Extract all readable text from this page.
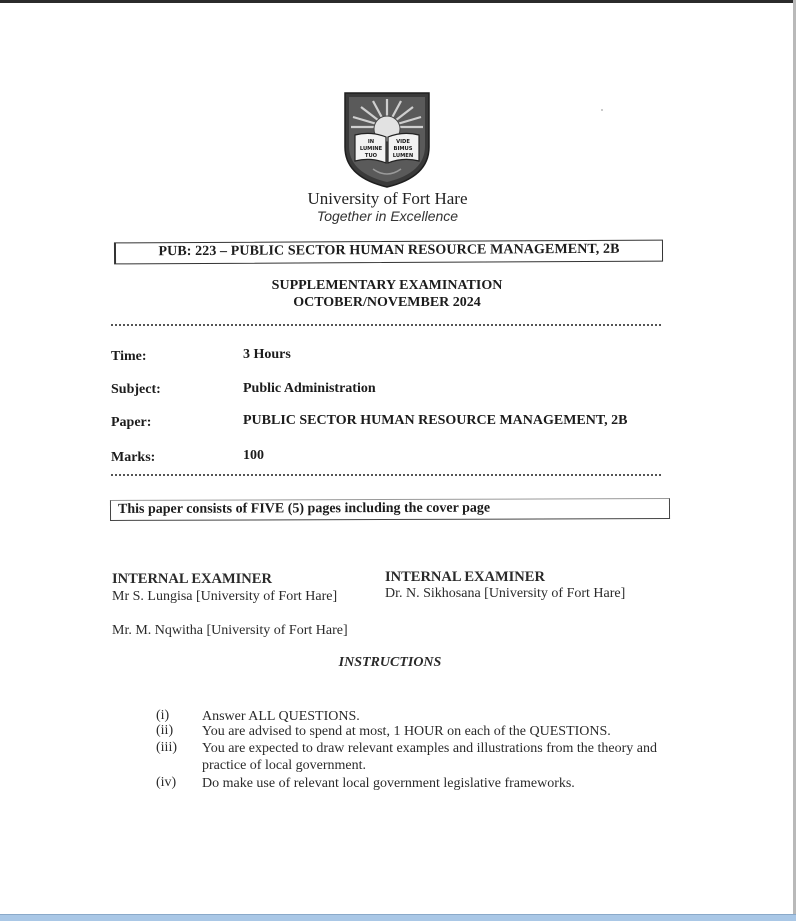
IN
LUMINE
TUO
VIDE
BIMUS
LUMEN
University of Fort Hare
Together in Excellence
PUB: 223 – PUBLIC SECTOR HUMAN RESOURCE MANAGEMENT, 2B
SUPPLEMENTARY EXAMINATION
OCTOBER/NOVEMBER 2024
Time:	3 Hours
Subject:	Public Administration
Paper:	PUBLIC SECTOR HUMAN RESOURCE MANAGEMENT, 2B
Marks:	100
This paper consists of FIVE (5) pages including the cover page
INTERNAL EXAMINER
Mr S. Lungisa [University of Fort Hare]
INTERNAL EXAMINER
Dr. N. Sikhosana [University of Fort Hare]
Mr. M. Nqwitha [University of Fort Hare]
INSTRUCTIONS
(i)	Answer ALL QUESTIONS.
(ii)	You are advised to spend at most, 1 HOUR on each of the QUESTIONS.
(iii)	You are expected to draw relevant examples and illustrations from the theory and practice of local government.
(iv)	Do make use of relevant local government legislative frameworks.
